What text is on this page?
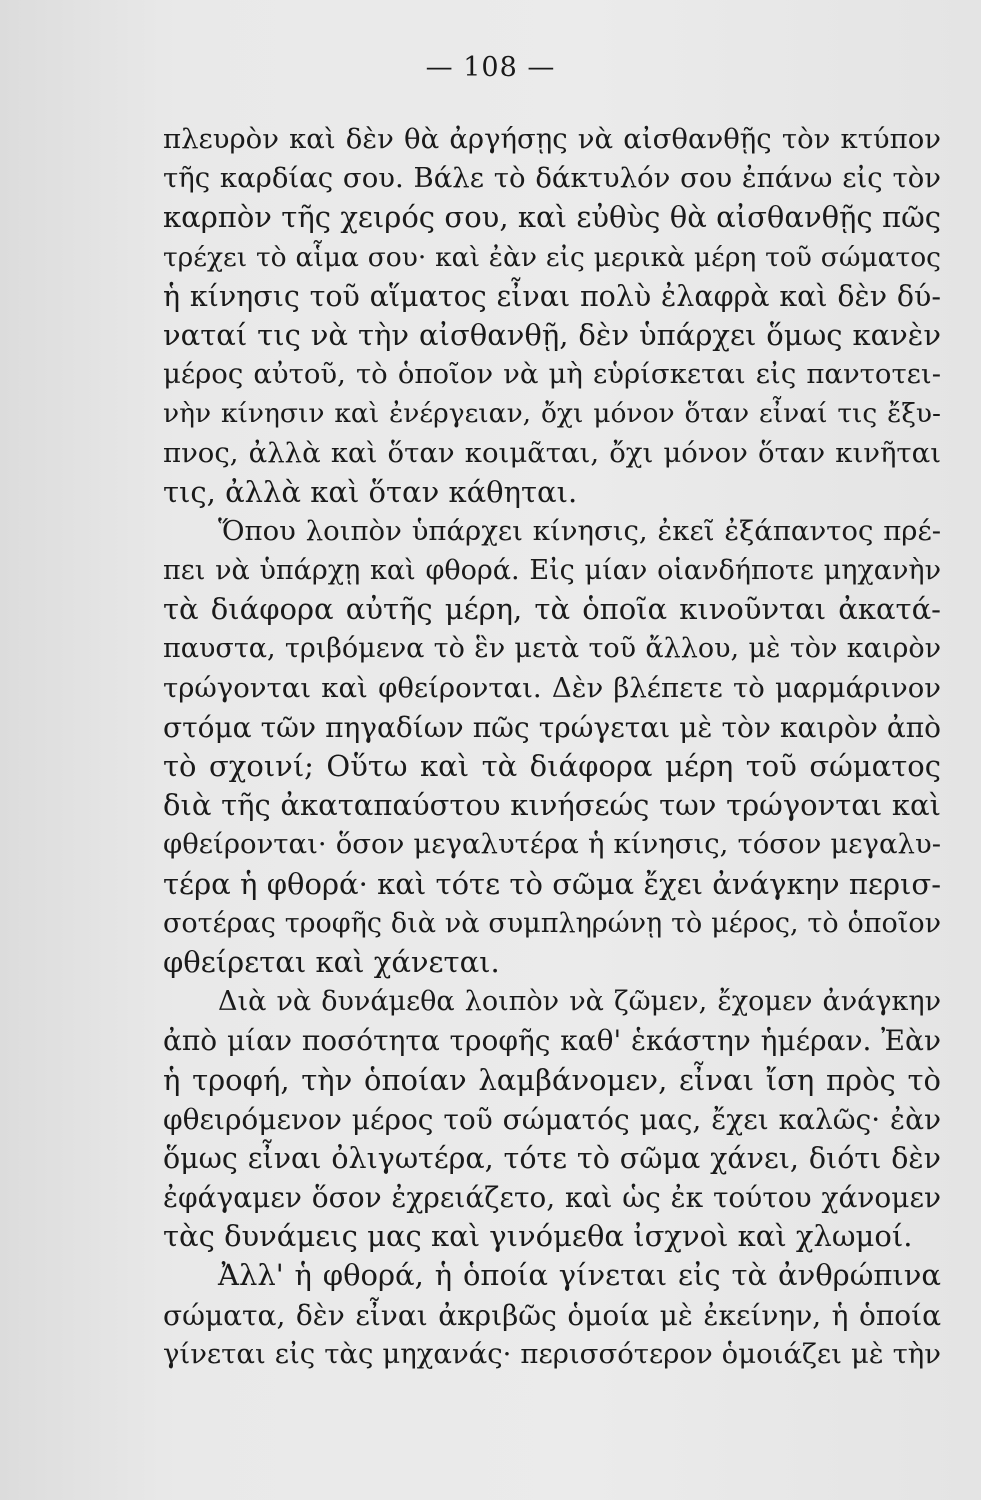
— 108 —
πλευρὸν καὶ δὲν θὰ ἀργήσῃς νὰ αἰσθανθῇς τὸν κτύπον
τῆς καρδίας σου. Βάλε τὸ δάκτυλόν σου ἐπάνω εἰς τὸν
καρπὸν τῆς χειρός σου, καὶ εὐθὺς θὰ αἰσθανθῇς πῶς
τρέχει τὸ αἷμα σου· καὶ ἐὰν εἰς μερικὰ μέρη τοῦ σώματος
ἡ κίνησις τοῦ αἵματος εἶναι πολὺ ἐλαφρὰ καὶ δὲν δύ-
ναταί τις νὰ τὴν αἰσθανθῇ, δὲν ὑπάρχει ὅμως κανὲν
μέρος αὐτοῦ, τὸ ὁποῖον νὰ μὴ εὑρίσκεται εἰς παντοτει-
νὴν κίνησιν καὶ ἐνέργειαν, ὄχι μόνον ὅταν εἶναί τις ἔξυ-
πνος, ἀλλὰ καὶ ὅταν κοιμᾶται, ὄχι μόνον ὅταν κινῆται
τις, ἀλλὰ καὶ ὅταν κάθηται.
Ὅπου λοιπὸν ὑπάρχει κίνησις, ἐκεῖ ἐξάπαντος πρέ-
πει νὰ ὑπάρχῃ καὶ φθορά. Εἰς μίαν οἱανδήποτε μηχανὴν
τὰ διάφορα αὐτῆς μέρη, τὰ ὁποῖα κινοῦνται ἀκατά-
παυστα, τριβόμενα τὸ ἓν μετὰ τοῦ ἄλλου, μὲ τὸν καιρὸν
τρώγονται καὶ φθείρονται. Δὲν βλέπετε τὸ μαρμάρινον
στόμα τῶν πηγαδίων πῶς τρώγεται μὲ τὸν καιρὸν ἀπὸ
τὸ σχοινί; Οὕτω καὶ τὰ διάφορα μέρη τοῦ σώματος
διὰ τῆς ἀκαταπαύστου κινήσεώς των τρώγονται καὶ
φθείρονται· ὅσον μεγαλυτέρα ἡ κίνησις, τόσον μεγαλυ-
τέρα ἡ φθορά· καὶ τότε τὸ σῶμα ἔχει ἀνάγκην περισ-
σοτέρας τροφῆς διὰ νὰ συμπληρώνῃ τὸ μέρος, τὸ ὁποῖον
φθείρεται καὶ χάνεται.
Διὰ νὰ δυνάμεθα λοιπὸν νὰ ζῶμεν, ἔχομεν ἀνάγκην
ἀπὸ μίαν ποσότητα τροφῆς καθ' ἑκάστην ἡμέραν. Ἐὰν
ἡ τροφή, τὴν ὁποίαν λαμβάνομεν, εἶναι ἴση πρὸς τὸ
φθειρόμενον μέρος τοῦ σώματός μας, ἔχει καλῶς· ἐὰν
ὅμως εἶναι ὀλιγωτέρα, τότε τὸ σῶμα χάνει, διότι δὲν
ἐφάγαμεν ὅσον ἐχρειάζετο, καὶ ὡς ἐκ τούτου χάνομεν
τὰς δυνάμεις μας καὶ γινόμεθα ἰσχνοὶ καὶ χλωμοί.
Ἀλλ' ἡ φθορά, ἡ ὁποία γίνεται εἰς τὰ ἀνθρώπινα
σώματα, δὲν εἶναι ἀκριβῶς ὁμοία μὲ ἐκείνην, ἡ ὁποία
γίνεται εἰς τὰς μηχανάς· περισσότερον ὁμοιάζει μὲ τὴν
